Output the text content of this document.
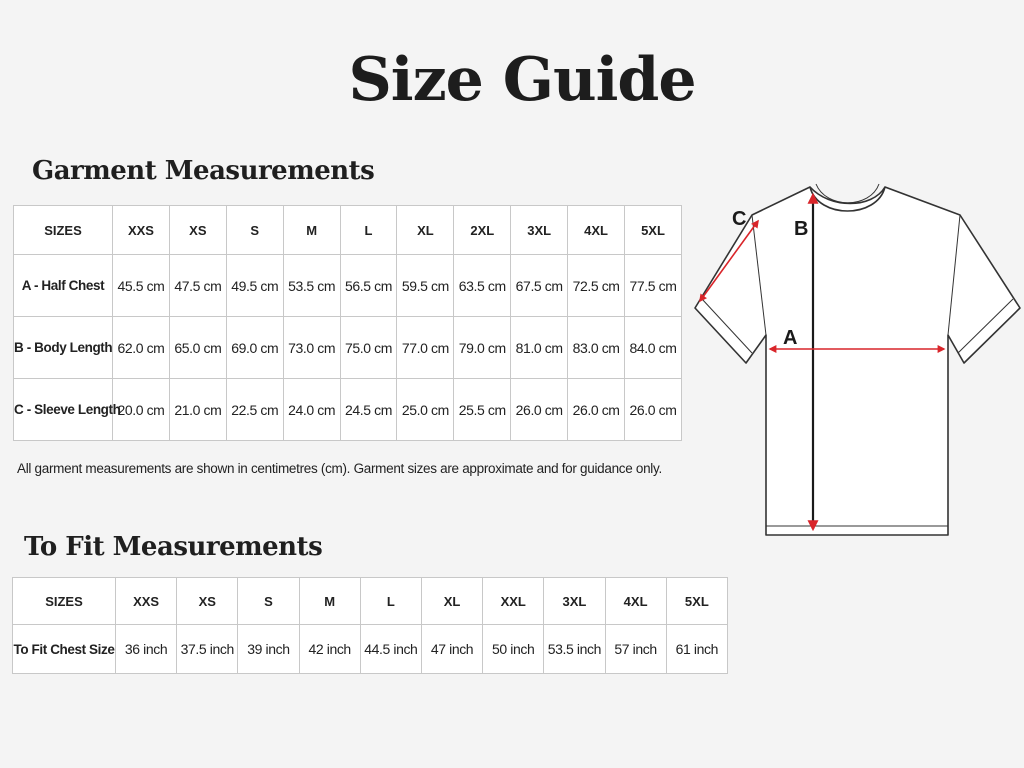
Size Guide
Garment Measurements
SIZES	XXS	XS	S	M	L	XL	2XL	3XL	4XL	5XL
A - Half Chest	45.5 cm	47.5 cm	49.5 cm	53.5 cm	56.5 cm	59.5 cm	63.5 cm	67.5 cm	72.5 cm	77.5 cm
B - Body Length	62.0 cm	65.0 cm	69.0 cm	73.0 cm	75.0 cm	77.0 cm	79.0 cm	81.0 cm	83.0 cm	84.0 cm
C - Sleeve Length	20.0 cm	21.0 cm	22.5 cm	24.0 cm	24.5 cm	25.0 cm	25.5 cm	26.0 cm	26.0 cm	26.0 cm
All garment measurements are shown in centimetres (cm). Garment sizes are approximate and for guidance only.
To Fit Measurements
SIZES	XXS	XS	S	M	L	XL	XXL	3XL	4XL	5XL
To Fit Chest Size	36 inch	37.5 inch	39 inch	42 inch	44.5 inch	47 inch	50 inch	53.5 inch	57 inch	61 inch
C B
A
